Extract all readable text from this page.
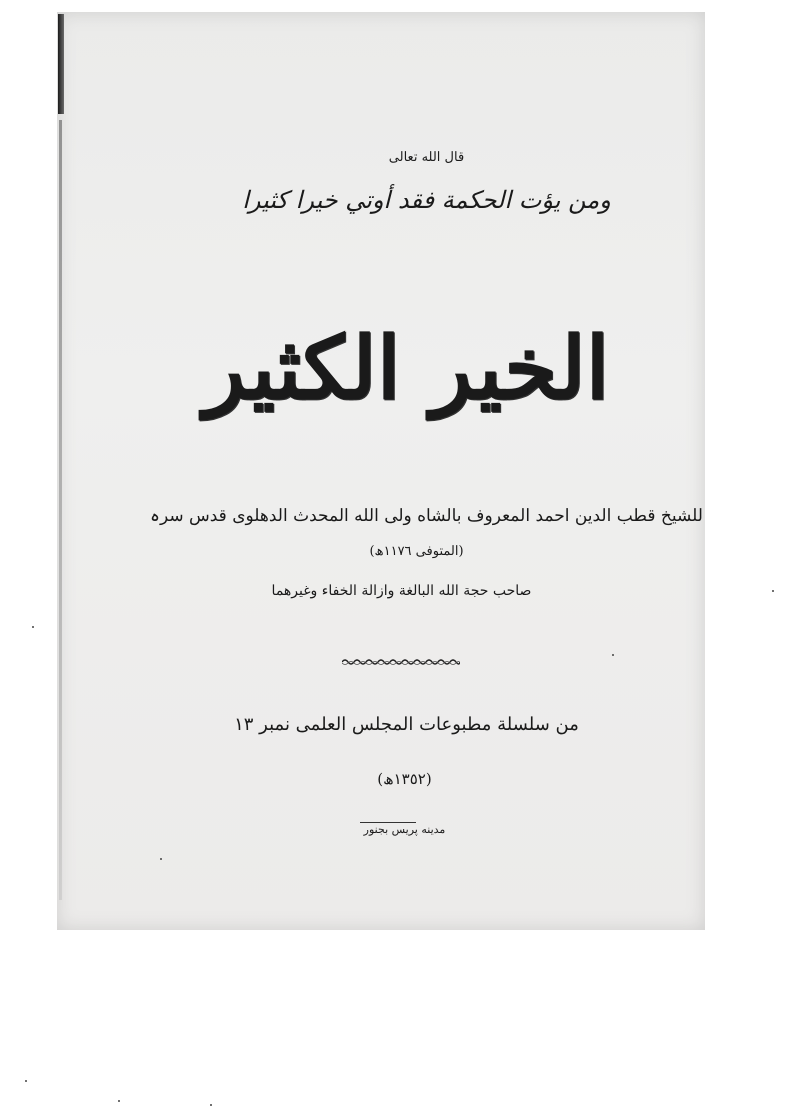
قال الله تعالى
ومن يؤت الحكمة فقد أوتي خيرا كثيرا
الخير الكثير
للشيخ قطب الدين احمد المعروف بالشاه ولى الله المحدث الدهلوى قدس سرہ
(المتوفى ١١٧٦ھ)
صاحب حجة الله البالغة وازالة الخفاء وغيرهما
من سلسلة مطبوعات المجلس العلمى نمبر ١٣
(١٣٥٢ھ)
مدینه پریس بجنور
